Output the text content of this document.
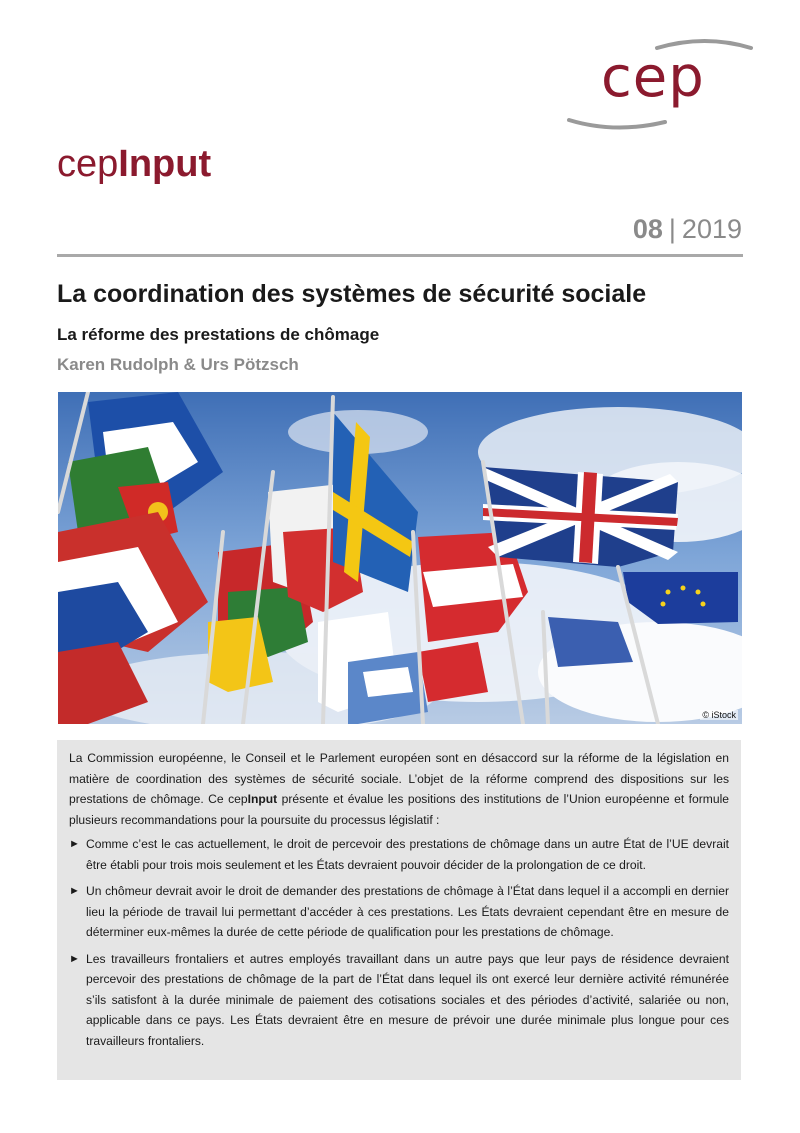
cep
cepInput
08 | 2019
La coordination des systèmes de sécurité sociale
La réforme des prestations de chômage
Karen Rudolph & Urs Pötzsch
© iStock

La Commission européenne, le Conseil et le Parlement européen sont en désaccord sur la réforme de la législation en matière de coordination des systèmes de sécurité sociale. L’objet de la réforme comprend des dispositions sur les prestations de chômage. Ce cepInput présente et évalue les positions des institutions de l’Union européenne et formule plusieurs recommandations pour la poursuite du processus législatif :

► Comme c’est le cas actuellement, le droit de percevoir des prestations de chômage dans un autre État de l’UE devrait être établi pour trois mois seulement et les États devraient pouvoir décider de la prolongation de ce droit.
► Un chômeur devrait avoir le droit de demander des prestations de chômage à l’État dans lequel il a accompli en dernier lieu la période de travail lui permettant d’accéder à ces prestations. Les États devraient cependant être en mesure de déterminer eux-mêmes la durée de cette période de qualification pour les prestations de chômage.
► Les travailleurs frontaliers et autres employés travaillant dans un autre pays que leur pays de résidence devraient percevoir des prestations de chômage de la part de l’État dans lequel ils ont exercé leur dernière activité rémunérée s’ils satisfont à la durée minimale de paiement des cotisations sociales et des périodes d’activité, salariée ou non, applicable dans ce pays. Les États devraient être en mesure de prévoir une durée minimale plus longue pour ces travailleurs frontaliers.
